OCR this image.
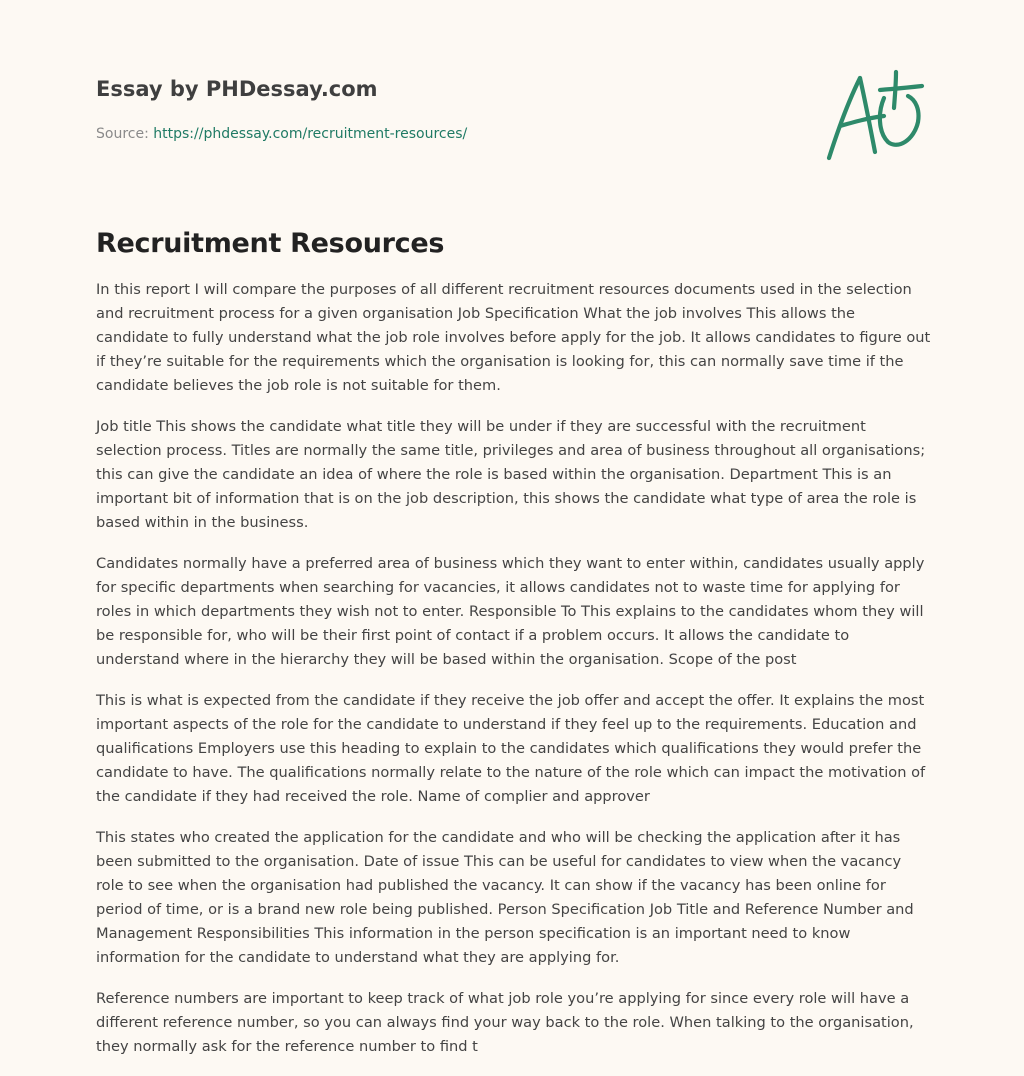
Essay by PHDessay.com
Source: https://phdessay.com/recruitment-resources/
Recruitment Resources

In this report I will compare the purposes of all different recruitment resources documents used in the selection and recruitment process for a given organisation Job Specification What the job involves This allows the candidate to fully understand what the job role involves before apply for the job. It allows candidates to figure out if they’re suitable for the requirements which the organisation is looking for, this can normally save time if the candidate believes the job role is not suitable for them.

Job title This shows the candidate what title they will be under if they are successful with the recruitment selection process. Titles are normally the same title, privileges and area of business throughout all organisations; this can give the candidate an idea of where the role is based within the organisation. Department This is an important bit of information that is on the job description, this shows the candidate what type of area the role is based within in the business.

Candidates normally have a preferred area of business which they want to enter within, candidates usually apply for specific departments when searching for vacancies, it allows candidates not to waste time for applying for roles in which departments they wish not to enter. Responsible To This explains to the candidates whom they will be responsible for, who will be their first point of contact if a problem occurs. It allows the candidate to understand where in the hierarchy they will be based within the organisation. Scope of the post

This is what is expected from the candidate if they receive the job offer and accept the offer. It explains the most important aspects of the role for the candidate to understand if they feel up to the requirements. Education and qualifications Employers use this heading to explain to the candidates which qualifications they would prefer the candidate to have. The qualifications normally relate to the nature of the role which can impact the motivation of the candidate if they had received the role. Name of complier and approver

This states who created the application for the candidate and who will be checking the application after it has been submitted to the organisation. Date of issue This can be useful for candidates to view when the vacancy role to see when the organisation had published the vacancy. It can show if the vacancy has been online for period of time, or is a brand new role being published. Person Specification Job Title and Reference Number and Management Responsibilities This information in the person specification is an important need to know information for the candidate to understand what they are applying for.

Reference numbers are important to keep track of what job role you’re applying for since every role will have a different reference number, so you can always find your way back to the role. When talking to the organisation, they normally ask for the reference number to find t
